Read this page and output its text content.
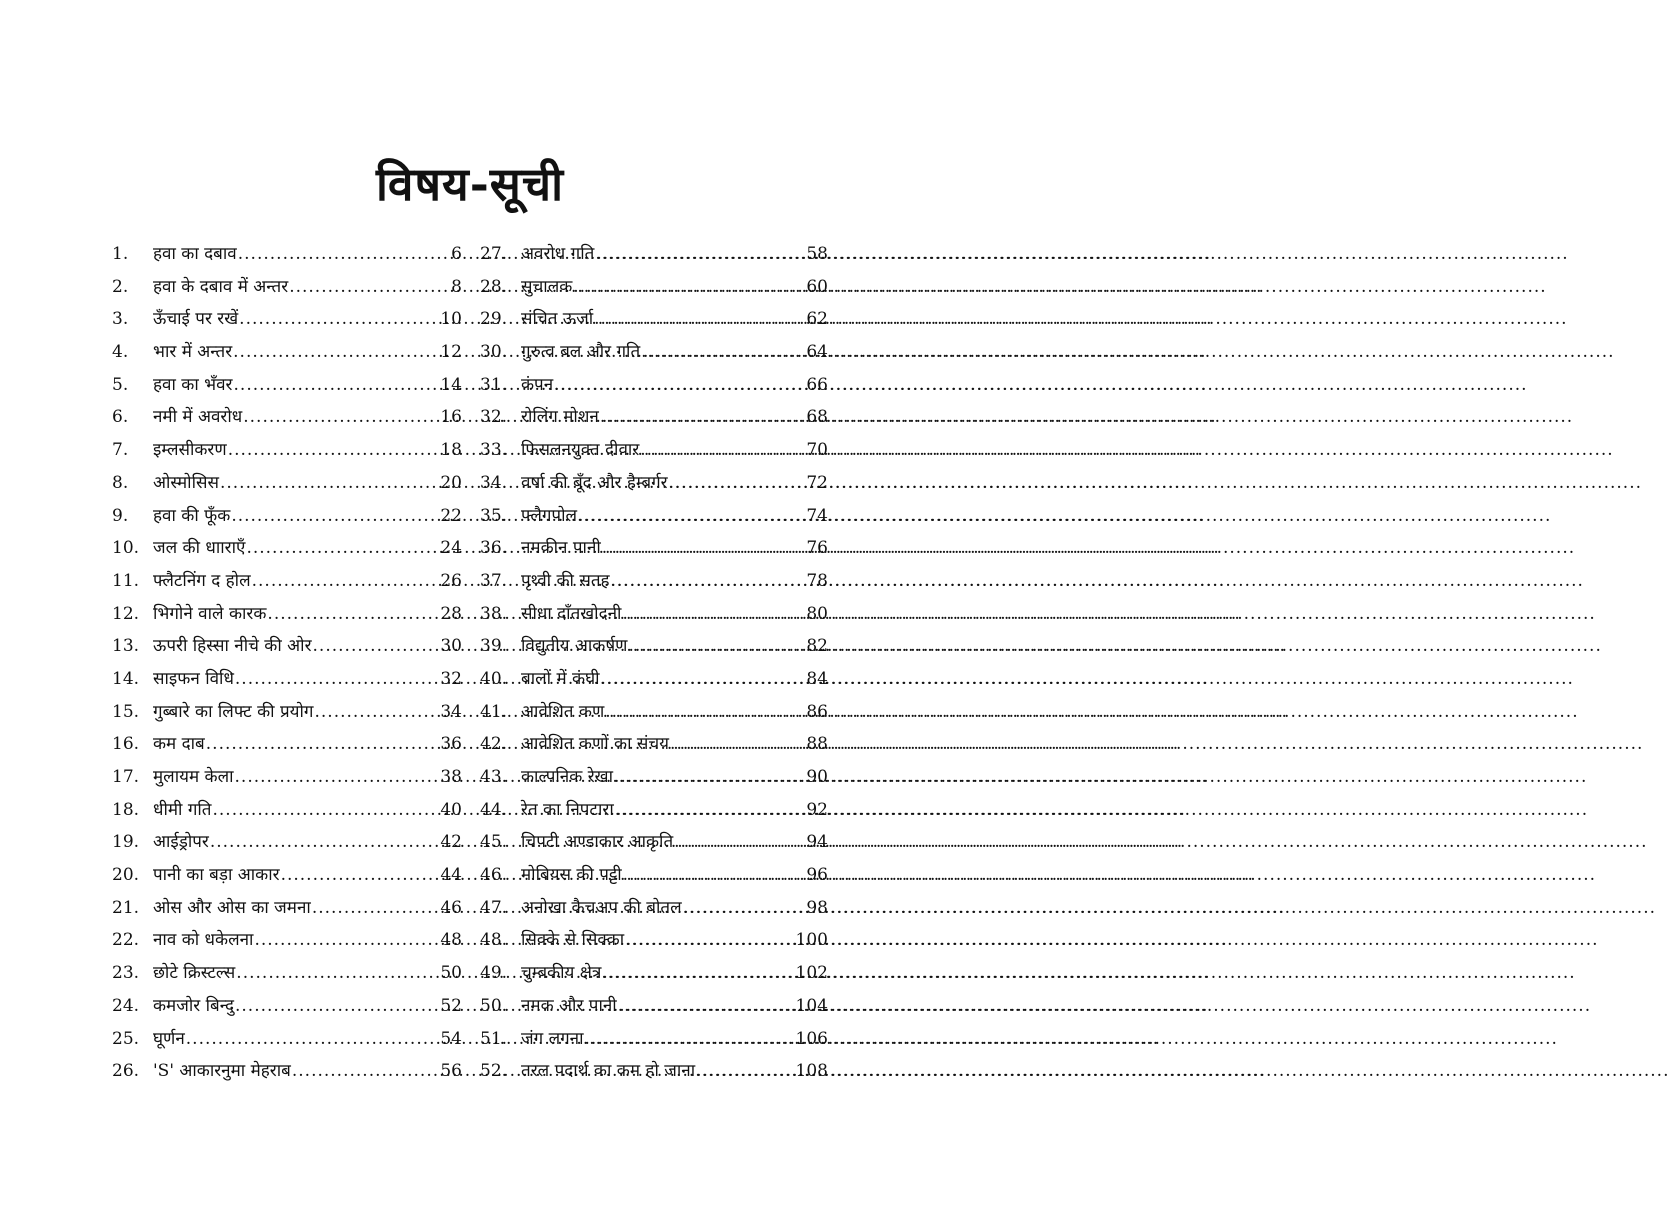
विषय-सूची
1.	हवा का दबाव .....	6
2.	हवा के दबाव में अन्तर .....	8
3.	ऊँचाई पर रखें .....	10
4.	भार में अन्तर .....	12
5.	हवा का भँवर .....	14
6.	नमी में अवरोध .....	16
7.	इम्लसीकरण .....	18
8.	ओस्मोसिस .....	20
9.	हवा की फूँक .....	22
10. जल की धााराएँ .....	24
11. फ्लैटनिंग द होल .....	26
12. भिगोने वाले कारक .....	28
13. ऊपरी हिस्सा नीचे की ओर .....	30
14. साइफन विधि .....	32
15. गुब्बारे का लिफ्ट की प्रयोग .....	34
16. कम दाब .....	36
17. मुलायम केला .....	38
18. धीमी गति .....	40
19. आईड्रोपर .....	42
20. पानी का बड़ा आकार .....	44
21. ओस और ओस का जमना .....	46
22. नाव को धकेलना .....	48
23. छोटे क्रिस्टल्स .....	50
24. कमजोर बिन्दु .....	52
25. घूर्णन .....	54
26. 'S' आकारनुमा मेहराब .....	56
27. अवरोध गति .....	58
28. सुचालक .....	60
29. संचित ऊर्जा .....	62
30. गुरुत्व बल और गति .....	64
31. कंपन .....	66
32. रोलिंग मोशन .....	68
33. फिसलनयुक्त दीवार .....	70
34. वर्षा की बूँद और हैम्बर्गर .....	72
35. फ्लैगपोल .....	74
36. नमकीन पानी .....	76
37. पृथ्वी की सतह .....	78
38. सीधा दाँतखोदनी .....	80
39. विद्युतीय आकर्षण .....	82
40. बालों में कंघी .....	84
41. आवेशित कण .....	86
42. आवेशित कणों का संचय .....	88
43. काल्पनिक रेखा .....	90
44. रेत का निपटारा .....	92
45. चिपटी अण्डाकार आकृति .....	94
46. मोबियस की पट्टी .....	96
47. अनोखा कैचअप की बोतल .....	98
48. सिक्के से सिक्का .....	100
49. चुम्बकीय क्षेत्र .....	102
50. नमक और पानी .....	104
51. जंग लगना .....	106
52. तरल पदार्थ का कम हो जाना .....	108
